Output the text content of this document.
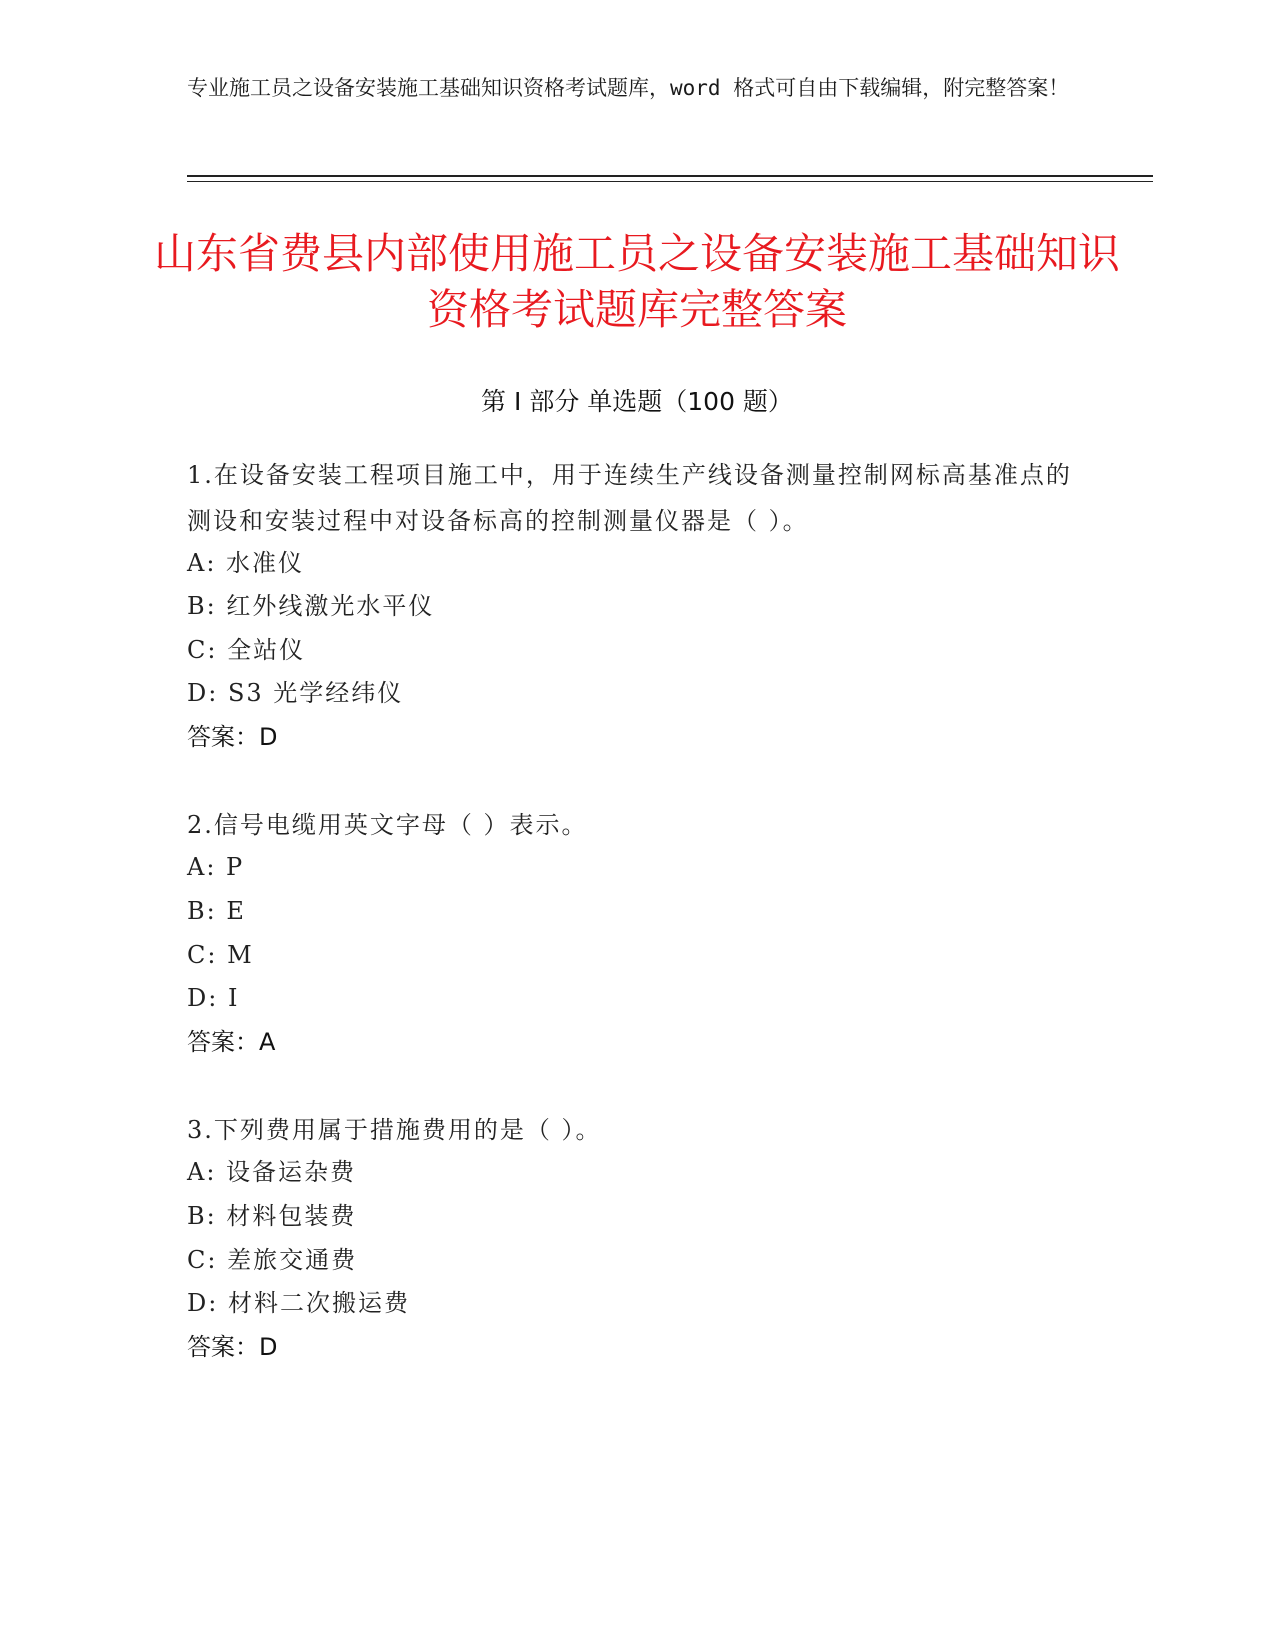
专业施工员之设备安装施工基础知识资格考试题库，word 格式可自由下载编辑，附完整答案！
山东省费县内部使用施工员之设备安装施工基础知识资格考试题库完整答案
第 I 部分 单选题（100 题）
1.在设备安装工程项目施工中，用于连续生产线设备测量控制网标高基准点的测设和安装过程中对设备标高的控制测量仪器是（ ）。
A: 水准仪
B: 红外线激光水平仪
C: 全站仪
D: S3 光学经纬仪
答案：D
2.信号电缆用英文字母（ ）表示。
A: P
B: E
C: M
D: I
答案：A
3.下列费用属于措施费用的是（ ）。
A: 设备运杂费
B: 材料包装费
C: 差旅交通费
D: 材料二次搬运费
答案：D
